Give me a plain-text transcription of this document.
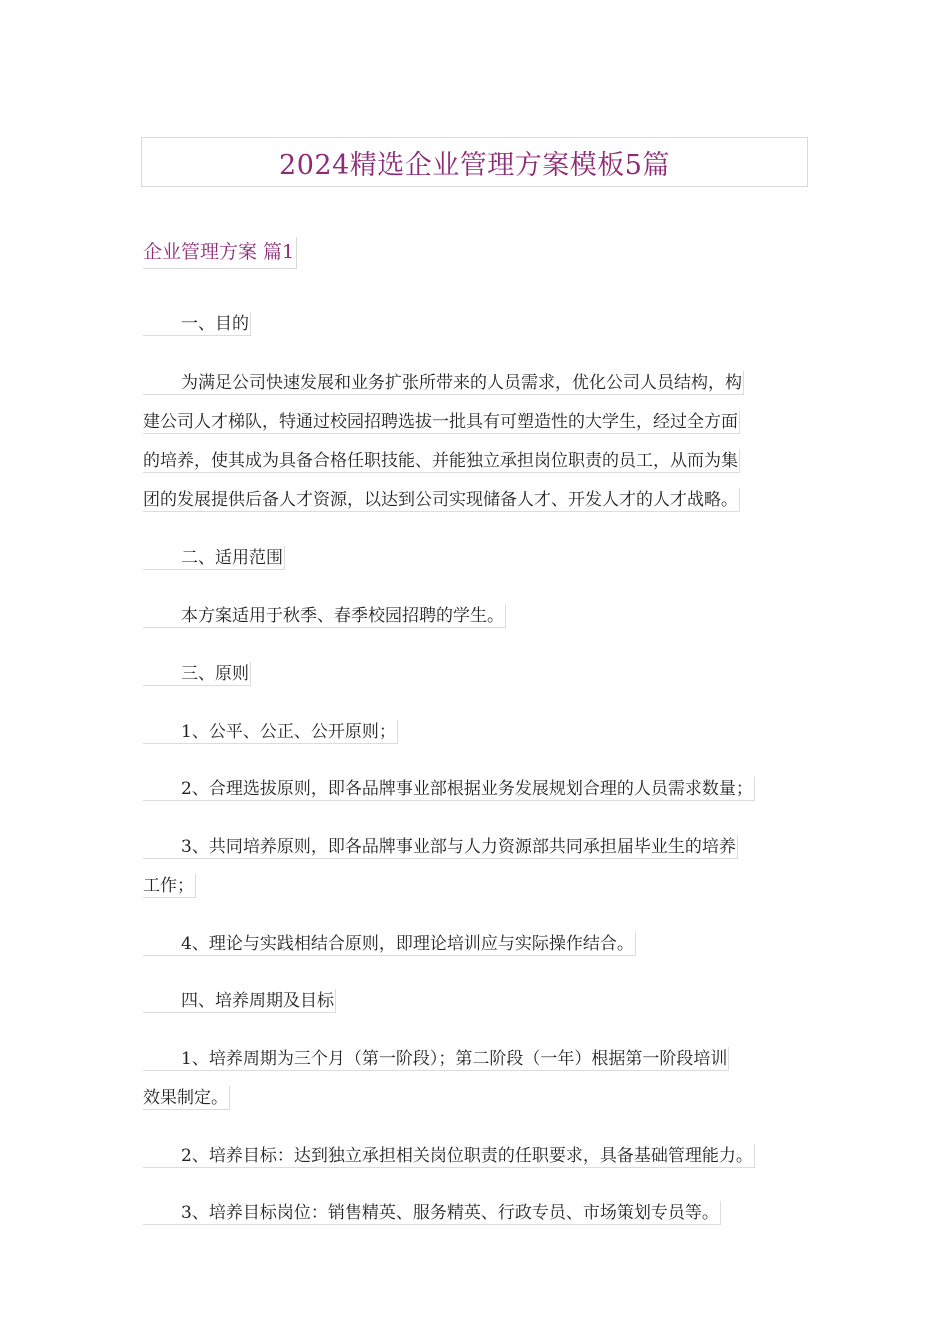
2024精选企业管理方案模板5篇
企业管理方案 篇1
一、目的
为满足公司快速发展和业务扩张所带来的人员需求，优化公司人员结构，构
建公司人才梯队，特通过校园招聘选拔一批具有可塑造性的大学生，经过全方面
的培养，使其成为具备合格任职技能、并能独立承担岗位职责的员工，从而为集
团的发展提供后备人才资源，以达到公司实现储备人才、开发人才的人才战略。
二、适用范围
本方案适用于秋季、春季校园招聘的学生。
三、原则
1、公平、公正、公开原则；
2、合理选拔原则，即各品牌事业部根据业务发展规划合理的人员需求数量；
3、共同培养原则，即各品牌事业部与人力资源部共同承担届毕业生的培养
工作；
4、理论与实践相结合原则，即理论培训应与实际操作结合。
四、培养周期及目标
1、培养周期为三个月（第一阶段）；第二阶段（一年）根据第一阶段培训
效果制定。
2、培养目标：达到独立承担相关岗位职责的任职要求，具备基础管理能力。
3、培养目标岗位：销售精英、服务精英、行政专员、市场策划专员等。
